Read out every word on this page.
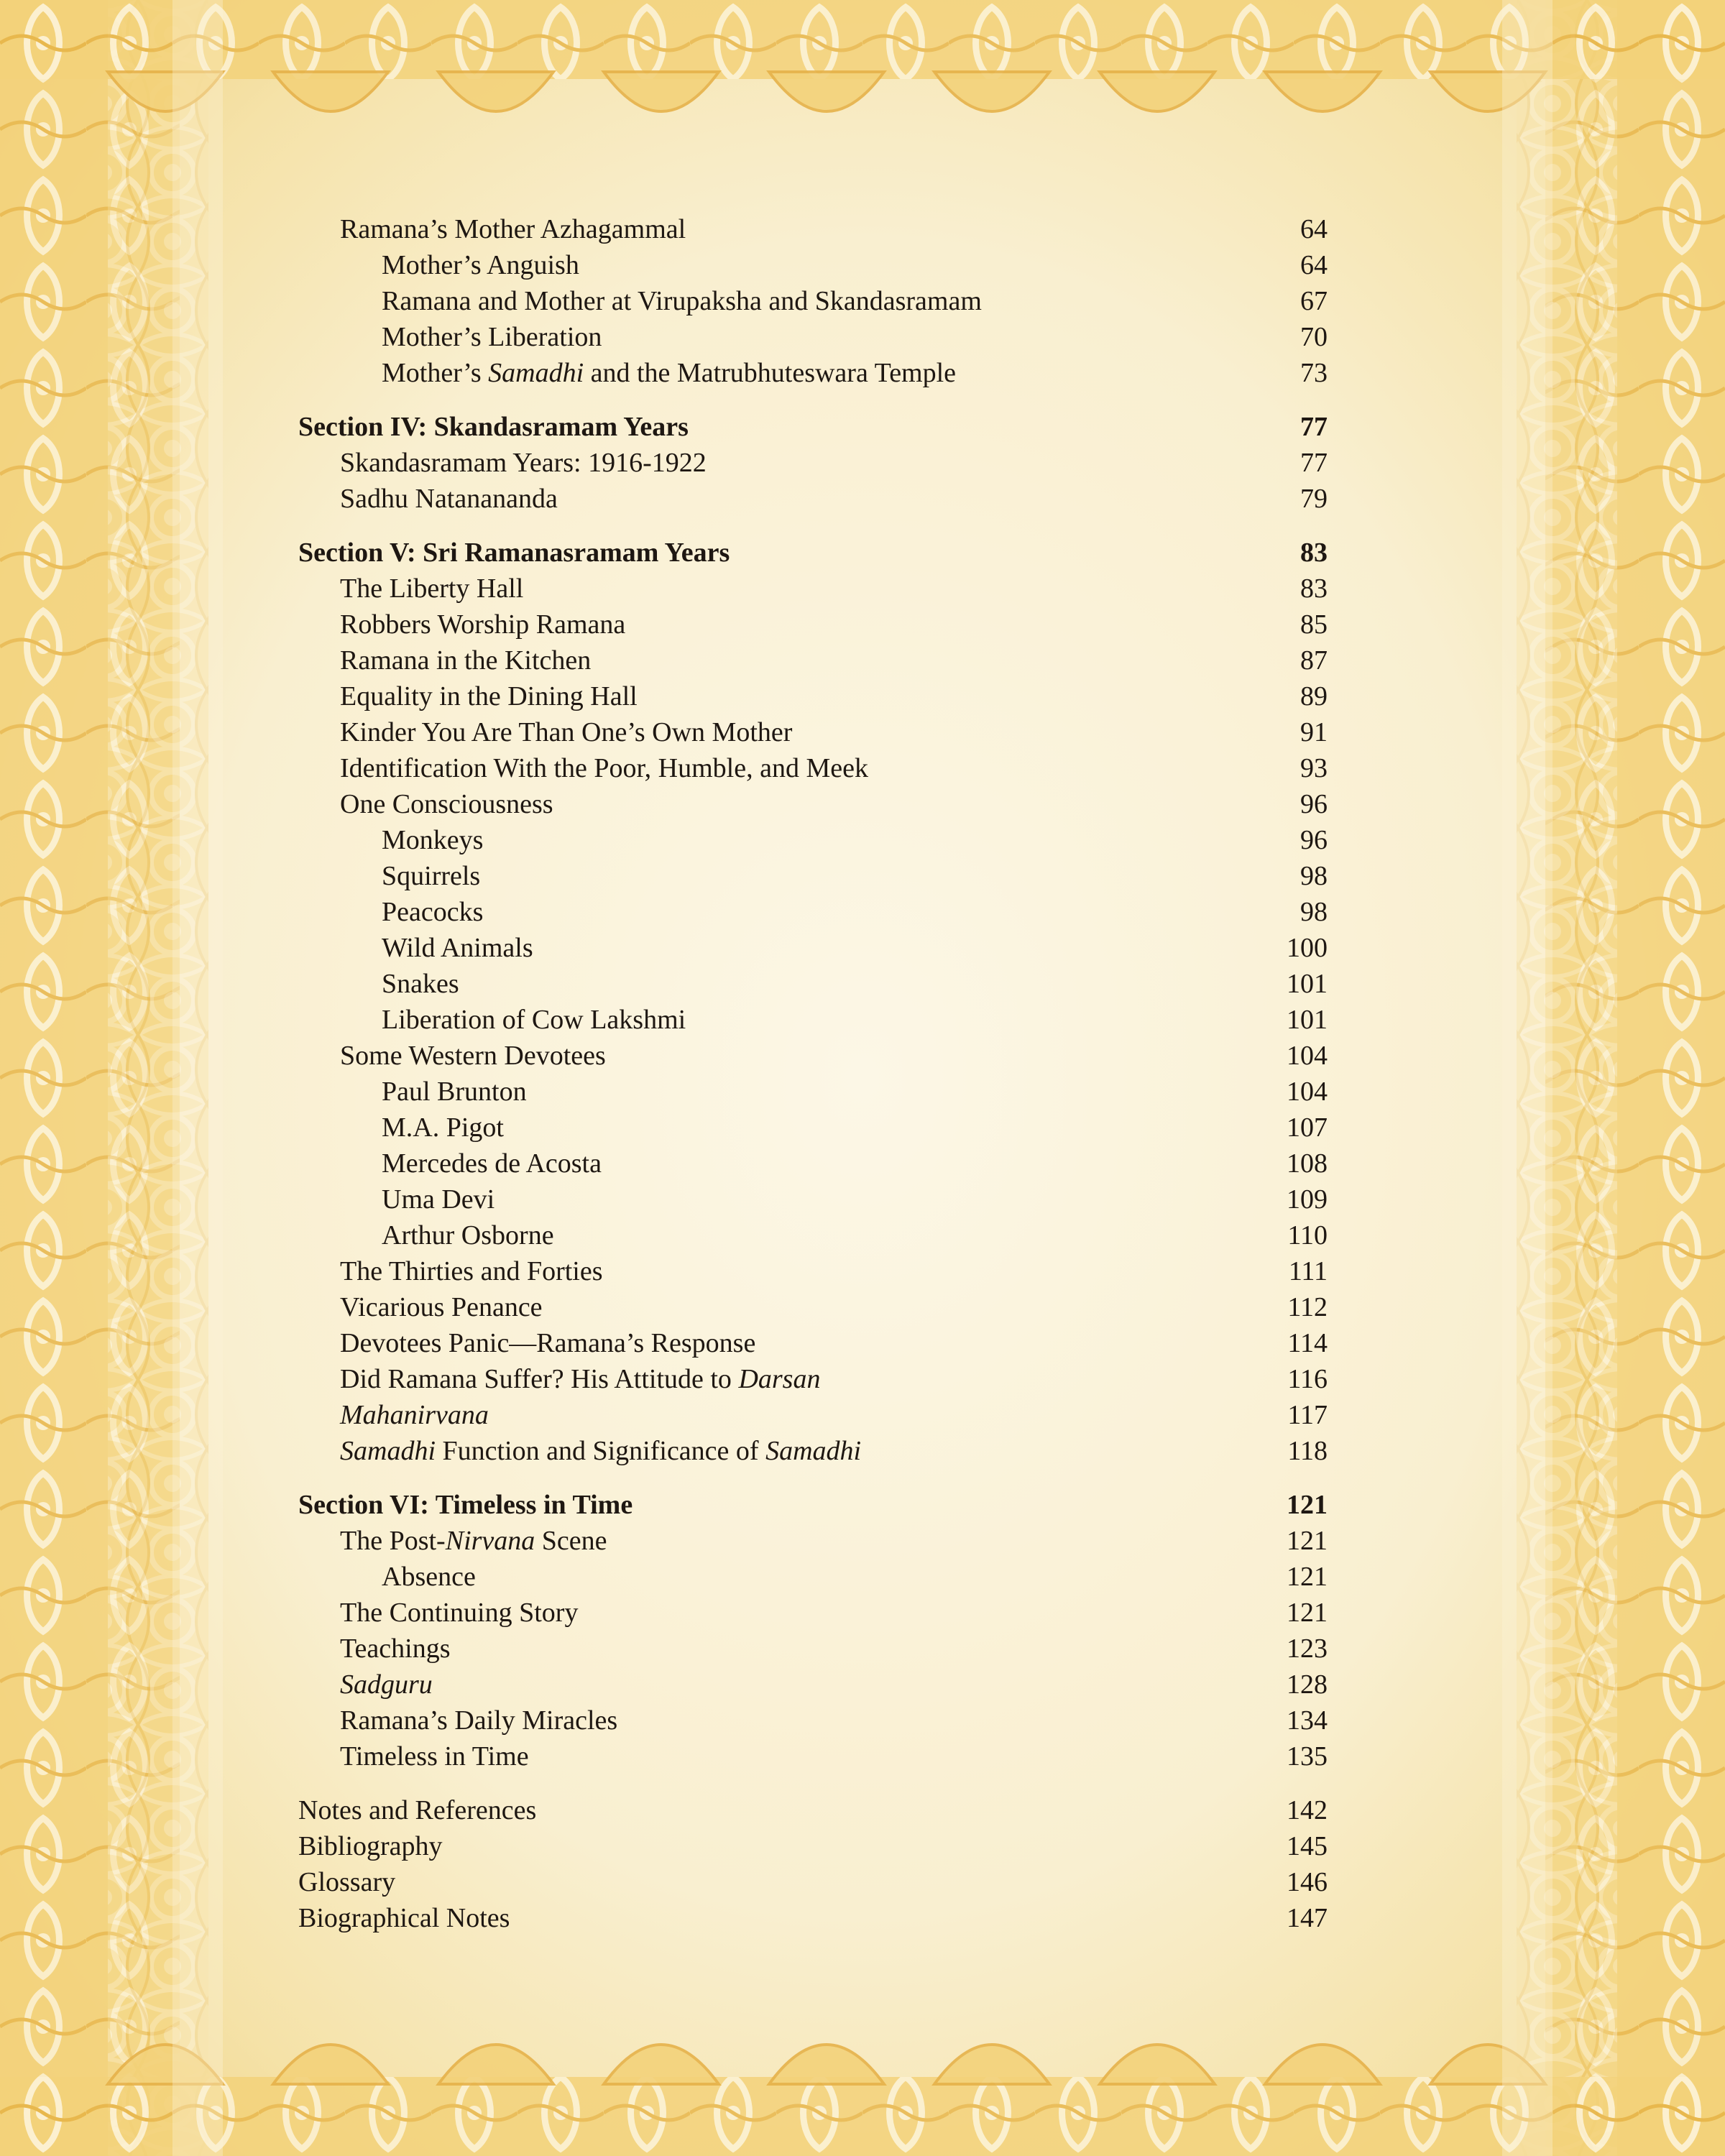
Ramana’s Mother Azhagammal	64
Mother’s Anguish	64
Ramana and Mother at Virupaksha and Skandasramam	67
Mother’s Liberation	70
Mother’s Samadhi and the Matrubhuteswara Temple	73
Section IV: Skandasramam Years	77
Skandasramam Years: 1916-1922	77
Sadhu Natanananda	79
Section V: Sri Ramanasramam Years	83
The Liberty Hall	83
Robbers Worship Ramana	85
Ramana in the Kitchen	87
Equality in the Dining Hall	89
Kinder You Are Than One’s Own Mother	91
Identification With the Poor, Humble, and Meek	93
One Consciousness	96
Monkeys	96
Squirrels	98
Peacocks	98
Wild Animals	100
Snakes	101
Liberation of Cow Lakshmi	101
Some Western Devotees	104
Paul Brunton	104
M.A. Pigot	107
Mercedes de Acosta	108
Uma Devi	109
Arthur Osborne	110
The Thirties and Forties	111
Vicarious Penance	112
Devotees Panic—Ramana’s Response	114
Did Ramana Suffer? His Attitude to Darsan	116
Mahanirvana	117
Samadhi Function and Significance of Samadhi	118
Section VI: Timeless in Time	121
The Post-Nirvana Scene	121
Absence	121
The Continuing Story	121
Teachings	123
Sadguru	128
Ramana’s Daily Miracles	134
Timeless in Time	135
Notes and References	142
Bibliography	145
Glossary	146
Biographical Notes	147
